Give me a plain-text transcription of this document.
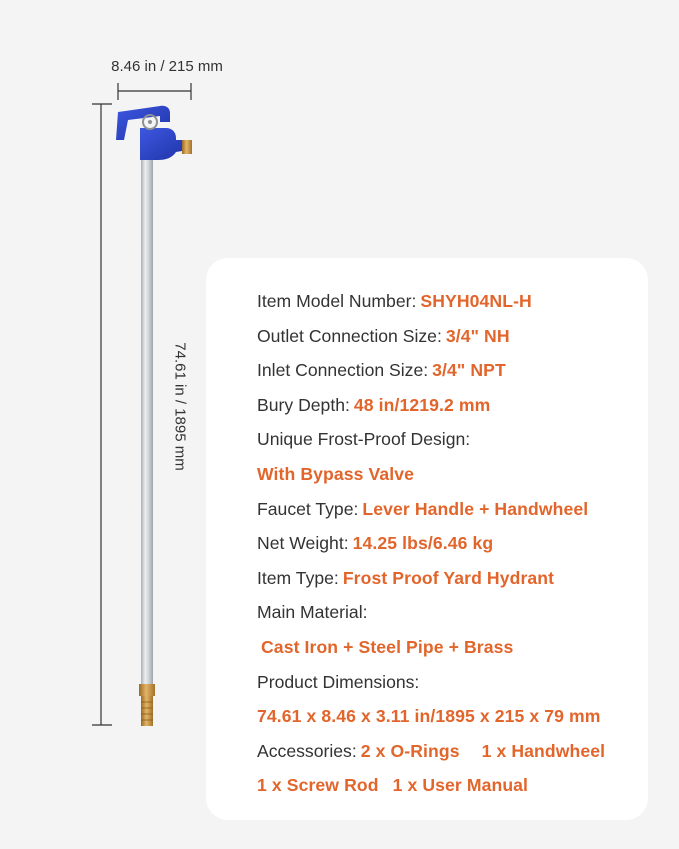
8.46 in / 215 mm
74.61 in / 1895 mm
Item Model Number: SHYH04NL-H
Outlet Connection Size: 3/4" NH
Inlet Connection Size: 3/4" NPT
Bury Depth: 48 in/1219.2 mm
Unique Frost-Proof Design:
With Bypass Valve
Faucet Type: Lever Handle + Handwheel
Net Weight: 14.25 lbs/6.46 kg
Item Type: Frost Proof Yard Hydrant
Main Material:
Cast Iron + Steel Pipe + Brass
Product Dimensions:
74.61 x 8.46 x 3.11 in/1895 x 215 x 79 mm
Accessories: 2 x O-Rings 1 x Handwheel
1 x Screw Rod 1 x User Manual
